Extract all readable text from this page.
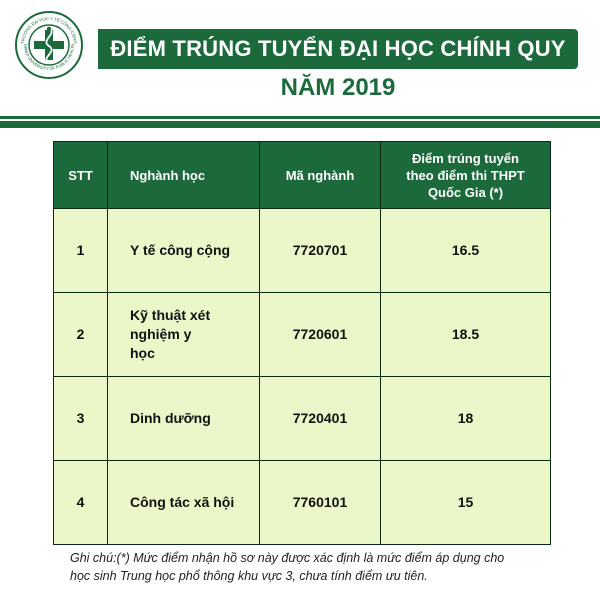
TRƯỜNG ĐẠI HỌC Y TẾ CÔNG CỘNG
HANOI UNIVERSITY OF PUBLIC HEALTH ĐIỂM TRÚNG TUYỂN ĐẠI HỌC CHÍNH QUY
NĂM 2019
STT	Nghành học	Mã nghành	Điểm trúng tuyển
theo điểm thi THPT
Quốc Gia (*)

1	Y tế công cộng	7720701	16.5
2	Kỹ thuật xét nghiệm y học	7720601	18.5
3	Dinh dưỡng	7720401	18
4	Công tác xã hội	7760101	15
Ghi chú:(*) Mức điểm nhận hồ sơ này được xác định là mức điểm áp dụng cho
học sinh Trung học phổ thông khu vực 3, chưa tính điểm ưu tiên.
